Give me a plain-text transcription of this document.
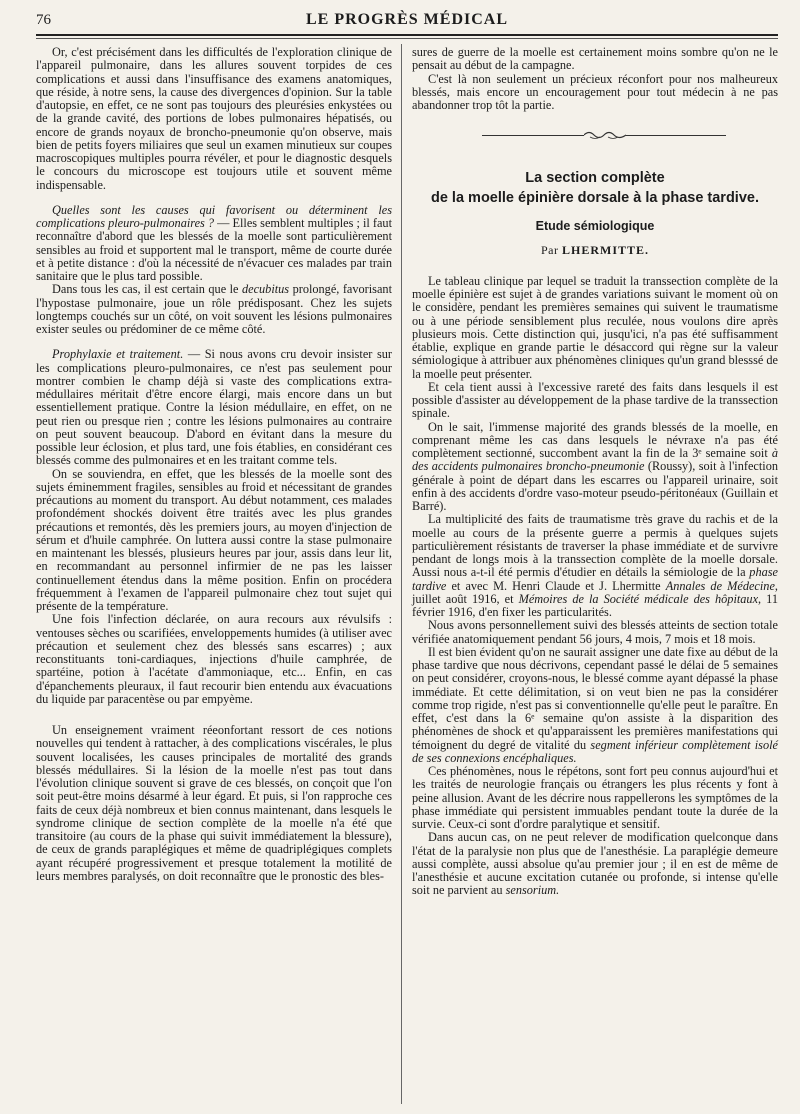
76	LE PROGRÈS MÉDICAL

Or, c'est précisément dans les difficultés de l'exploration clinique de l'appareil pulmonaire, dans les allures souvent torpides de ces complications et aussi dans l'insuffisance des examens anatomiques, que réside, à notre sens, la cause des divergences d'opinion. Sur la table d'autopsie, en effet, ce ne sont pas toujours des pleurésies enkystées ou de la grande cavité, des portions de lobes pulmonaires hépatisés, ou encore de grands noyaux de broncho-pneumonie qu'on observe, mais bien de petits foyers miliaires que seul un examen minutieux sur coupes macroscopiques multiples pourra révéler, et pour le diagnostic desquels le concours du microscope est toujours utile et souvent même indispensable.

Quelles sont les causes qui favorisent ou déterminent les complications pleuro-pulmonaires ? — Elles semblent multiples ; il faut reconnaître d'abord que les blessés de la moelle sont particulièrement sensibles au froid et supportent mal le transport, même de courte durée et à petite distance : d'où la nécessité de n'évacuer ces malades par train sanitaire que le plus tard possible.

Dans tous les cas, il est certain que le decubitus prolongé, favorisant l'hypostase pulmonaire, joue un rôle prédisposant. Chez les sujets longtemps couchés sur un côté, on voit souvent les lésions pulmonaires exister seules ou prédominer de ce même côté.

Prophylaxie et traitement. — Si nous avons cru devoir insister sur les complications pleuro-pulmonaires, ce n'est pas seulement pour montrer combien le champ déjà si vaste des complications extra-médullaires méritait d'être encore élargi, mais encore dans un but essentiellement pratique. Contre la lésion médullaire, en effet, on ne peut rien ou presque rien ; contre les lésions pulmonaires au contraire on peut souvent beaucoup. D'abord en évitant dans la mesure du possible leur éclosion, et plus tard, une fois établies, en considérant ces blessés comme des pulmonaires et en les traitant comme tels.

On se souviendra, en effet, que les blessés de la moelle sont des sujets éminemment fragiles, sensibles au froid et nécessitant de grandes précautions au moment du transport. Au début notamment, ces malades profondément shockés doivent être traités avec les plus grandes précautions et remontés, dès les premiers jours, au moyen d'injection de sérum et d'huile camphrée. On luttera aussi contre la stase pulmonaire en maintenant les blessés, plusieurs heures par jour, assis dans leur lit, en recommandant au personnel infirmier de ne pas les laisser continuellement étendus dans la même position. Enfin on procédera fréquemment à l'examen de l'appareil pulmonaire chez tout sujet qui présente de la température.

Une fois l'infection déclarée, on aura recours aux révulsifs : ventouses sèches ou scarifiées, enveloppements humides (à utiliser avec précaution et seulement chez des blessés sans escarres) ; aux reconstituants toni-cardiaques, injections d'huile camphrée, de spartéine, potion à l'acétate d'ammoniaque, etc... Enfin, en cas d'épanchements pleuraux, il faut recourir bien entendu aux évacuations du liquide par paracentèse ou par empyème.

Un enseignement vraiment réeonfortant ressort de ces notions nouvelles qui tendent à rattacher, à des complications viscérales, le plus souvent localisées, les causes principales de mortalité des grands blessés médullaires. Si la lésion de la moelle n'est pas tout dans l'évolution clinique souvent si grave de ces blessés, on conçoit que l'on soit peut-être moins désarmé à leur égard. Et puis, si l'on rapproche ces faits de ceux déjà nombreux et bien connus maintenant, dans lesquels le syndrome clinique de section complète de la moelle n'a été que transitoire (au cours de la phase qui suivit immédiatement la blessure), de ceux de grands paraplégiques et même de quadriplégiques complets ayant récupéré progressivement et presque totalement la motilité de leurs membres paralysés, on doit reconnaître que le pronostic des bles-

sures de guerre de la moelle est certainement moins sombre qu'on ne le pensait au début de la campagne.

C'est là non seulement un précieux réconfort pour nos malheureux blessés, mais encore un encouragement pour tout médecin à ne pas abandonner trop tôt la partie.

La section complète
de la moelle épinière dorsale à la phase tardive.
Etude sémiologique
Par LHERMITTE.

Le tableau clinique par lequel se traduit la transsection complète de la moelle épinière est sujet à de grandes variations suivant le moment où on le considère, pendant les premières semaines qui suivent le traumatisme ou à une période sensiblement plus reculée, nous voulons dire après plusieurs mois. Cette distinction qui, jusqu'ici, n'a pas été suffisamment établie, explique en grande partie le désaccord qui règne sur la valeur sémiologique à attribuer aux phénomènes cliniques qu'un grand blesssé de la moelle peut présenter.

Et cela tient aussi à l'excessive rareté des faits dans lesquels il est possible d'assister au développement de la phase tardive de la transsection spinale.

On le sait, l'immense majorité des grands blessés de la moelle, en comprenant même les cas dans lesquels le névraxe n'a pas été complètement sectionné, succombent avant la fin de la 3ᵉ semaine soit à des accidents pulmonaires broncho-pneumonie (Roussy), soit à l'infection générale à point de départ dans les escarres ou l'appareil urinaire, soit enfin à des accidents d'ordre vaso-moteur pseudo-péritonéaux (Guillain et Barré).

La multiplicité des faits de traumatisme très grave du rachis et de la moelle au cours de la présente guerre a permis à quelques sujets particulièrement résistants de traverser la phase immédiate et de survivre pendant de longs mois à la transsection complète de la moelle dorsale. Aussi nous a-t-il été permis d'étudier en détails la sémiologie de la phase tardive et avec M. Henri Claude et J. Lhermitte Annales de Médecine, juillet août 1916, et Mémoires de la Société médicale des hôpitaux, 11 février 1916, d'en fixer les particularités.

Nous avons personnellement suivi des blessés atteints de section totale vérifiée anatomiquement pendant 56 jours, 4 mois, 7 mois et 18 mois.

Il est bien évident qu'on ne saurait assigner une date fixe au début de la phase tardive que nous décrivons, cependant passé le délai de 5 semaines on peut considérer, croyons-nous, le blessé comme ayant dépassé la phase immédiate. Et cette délimitation, si on veut bien ne pas la considérer comme trop rigide, n'est pas si conventionnelle qu'elle peut le paraître. En effet, c'est dans la 6ᵉ semaine qu'on assiste à la disparition des phénomènes de shock et qu'apparaissent les premières manifestations qui témoignent du degré de vitalité du segment inférieur complètement isolé de ses connexions encéphaliques.

Ces phénomènes, nous le répétons, sont fort peu connus aujourd'hui et les traités de neurologie français ou étrangers les plus récents y font à peine allusion. Avant de les décrire nous rappellerons les symptômes de la phase immédiate qui persistent immuables pendant toute la durée de la survie. Ceux-ci sont d'ordre paralytique et sensitif.

Dans aucun cas, on ne peut relever de modification quelconque dans l'état de la paralysie non plus que de l'anesthésie. La paraplégie demeure aussi complète, aussi absolue qu'au premier jour ; il en est de même de l'anesthésie et aucune excitation cutanée ou profonde, si intense qu'elle soit ne parvient au sensorium.
